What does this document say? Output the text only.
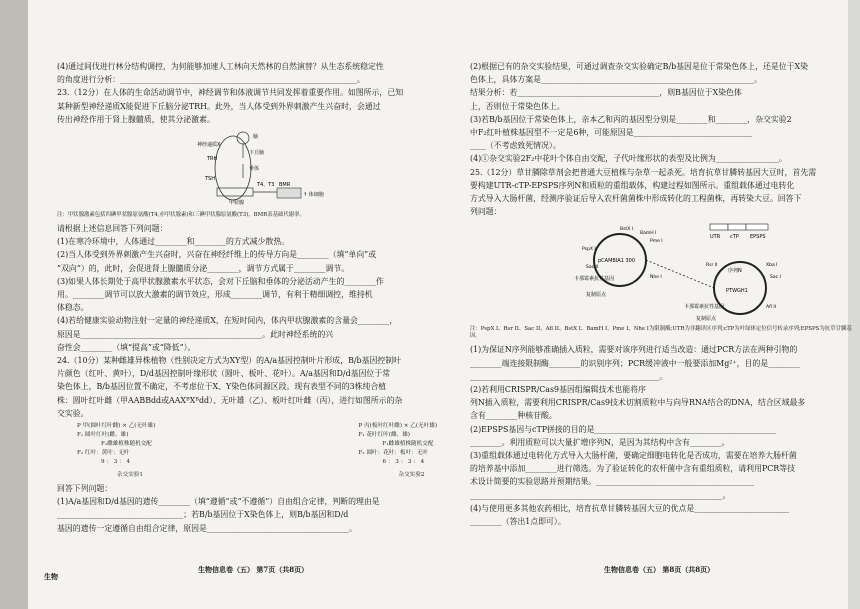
(4)通过间伐进行林分结构调控，为何能够加速人工林向天然林的自然演替？从生态系统稳定性

的角度进行分析：____________________________________________________________。

23.（12分）在人体的生命活动调节中，神经调节和体液调节共同发挥着重要作用。如图所示，已知

某种新型神经递质X能促进下丘脑分泌TRH。此外，当人体受到外界刺激产生兴奋时，会通过

传出神经作用于肾上腺髓质，使其分泌激素。

脑
神经递质X
下丘脑
TRH
垂体
TSH
T4、T3
甲状腺
BMR
↑ 体细胞

注：甲状腺激素包括四碘甲状腺原氨酸(T4,亦甲状腺素)和三碘甲状腺原氨酸(T3)，BMR表基础代谢率。

请根据上述信息回答下列问题：

(1)在寒冷环境中，人体通过________和________的方式减少散热。

(2)当人体受到外界刺激产生兴奋时，兴奋在神经纤维上的传导方向是________（填“单向”或

“双向”）的，此时，会促进肾上腺髓质分泌________，调节方式属于________调节。

(3)如果人体长期处于高甲状腺激素水平状态，会对下丘脑和垂体的分泌活动产生的________作

用。________调节可以放大激素的调节效应，形成________调节，有利于精细调控，维持机

体稳态。

(4)若给健康实验动物注射一定量的神经递质X，在短时间内，体内甲状腺激素的含量会________，

原因是______________________________________________。此时神经系统的兴

奋性会________（填“提高”或“降低”）。

24.（10分）某种雌雄异株植物（性别决定方式为XY型）的A/a基因控制叶片形成，B/b基因控制叶

片颜色（红叶、黄叶），D/d基因控制叶缘形状（圆叶、板叶、花叶）。A/a基因和D/d基因位于常

染色体上，B/b基因位置不确定，不考虑位于X、Y染色体同源区段。现有表型不同的3株纯合植

株：圆叶红叶雌（甲AABBdd或AAXᴮXᴮdd）、无叶雄（乙）、板叶红叶雌（丙），进行如图所示的杂

交实验。

P 甲(圆叶红叶雌) × 乙(无叶雄)
F₁ 圆叶红叶(雌、雄)
F₁雌雄植株随机交配
F₂ 红叶：黄叶：无叶
9 ： 3 ： 4
杂交实验1
P 丙(板叶红叶雌) × 乙(无叶雄)
F₁ 花叶红叶(雌、雄)
F₁雌雄植株随机交配
F₂ 圆叶：花叶：板叶：无叶
6 ： 3 ： 3 ： 4
杂交实验2

回答下列问题：

(1)A/a基因和D/d基因的遗传________（填“遵循”或“不遵循”）自由组合定律，判断的理由是

________________________________；若B/b基因位于X染色体上，则B/b基因和D/d

基因的遗传一定遵循自由组合定律，原因是____________________________________。

生物信息卷（五） 第7页（共8页）
生物

(2)根据已有的杂交实验结果，可通过调查杂交实验确定B/b基因是位于常染色体上，还是位于X染

色体上，具体方案是______________________________________________________。

结果分析：若____________________________________，则B基因位于X染色体

上，否则位于常染色体上。

(3)若B/b基因位于常染色体上，亲本乙和丙的基因型分别是________和________，杂交实验2

中F₂红叶植株基因型不一定是6种，可能原因是______________________________

____（不考虑致死情况）。

(4)①杂交实验2F₂中花叶个体自由交配，子代叶缘形状的表型及比例为________________。

25.（12分）草甘膦除草剂会把普通大豆植株与杂草一起杀死。培育抗草甘膦转基因大豆时，首先需

要构建UTR-cTP-EPSPS序列N和质粒的重组载体，构建过程如图所示。重组载体通过电转化

方式导入大肠杆菌，经测序验证后导入农杆菌菌株中形成转化的工程菌株，再转染大豆。回答下

列问题：

pCAMBIA1 300
PTWGH1
序列N
UTR cTP EPSPS
卡那霉素抗性基因
复制原点
卡那霉素抗性基因
复制原点
BstX I
BamH I
Pme I
PspX I
Sac II
Nhe I
Xba I
Sac I
Rsr II
Afl II

注：PspX I、Rsr II、Sac II、Afl II、BstX I、BamH I、Pme I、Nhe I为限制酶;UTR为非翻译区序列;cTP为叶绿体定位信号转录序列;EPSPS为抗草甘膦基因。

(1)为保证N序列能够准确插入质粒，需要对该序列进行适当改造：通过PCR方法在两种引物的

________端连接限制酶________的识别序列；PCR缓冲液中一般要添加Mg²⁺，目的是________

________________________________________________。

(2)若利用CRISPR/Cas9基因组编辑技术也能将序

列N插入质粒，需要利用CRISPR/Cas9技术切割质粒中与向导RNA结合的DNA，结合区域最多

含有________种核苷酸。

(2)EPSPS基因与cTP拼接的目的是______________________________________________

________。利用质粒可以大量扩增序列N，是因为其结构中含有________。

(3)重组载体通过电转化方式导入大肠杆菌，要确定细胞电转化是否成功，需要在培养大肠杆菌

的培养基中添加________进行筛选。为了验证转化的农杆菌中含有重组质粒，请利用PCR等技

术设计简要的实验思路并预期结果。________________________________________

________________________________________________________________。

(4)与使用更多其他农药相比，培育抗草甘膦转基因大豆的优点是________________________

________（答出1点即可）。

生物信息卷（五） 第8页（共8页）
